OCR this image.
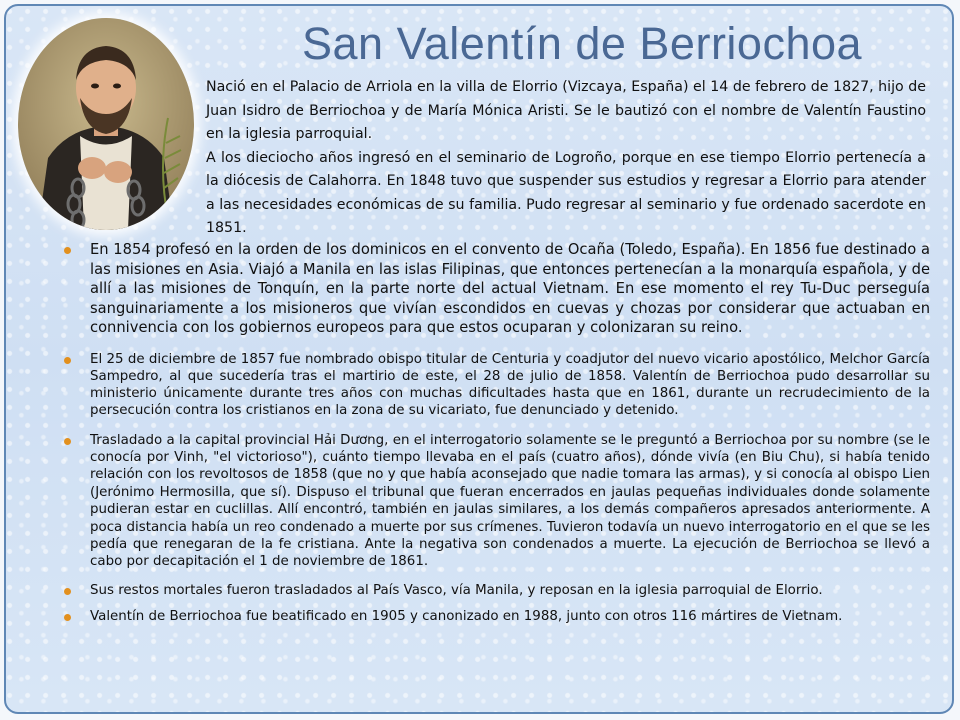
San Valentín de Berriochoa

Nació en el Palacio de Arriola en la villa de Elorrio (Vizcaya, España) el 14 de febrero de 1827, hijo de Juan Isidro de Berriochoa y de María Mónica Aristi. Se le bautizó con el nombre de Valentín Faustino en la iglesia parroquial.

A los dieciocho años ingresó en el seminario de Logroño, porque en ese tiempo Elorrio pertenecía a la diócesis de Calahorra. En 1848 tuvo que suspender sus estudios y regresar a Elorrio para atender a las necesidades económicas de su familia. Pudo regresar al seminario y fue ordenado sacerdote en 1851.

En 1854 profesó en la orden de los dominicos en el convento de Ocaña (Toledo, España). En 1856 fue destinado a las misiones en Asia. Viajó a Manila en las islas Filipinas, que entonces pertenecían a la monarquía española, y de allí a las misiones de Tonquín, en la parte norte del actual Vietnam. En ese momento el rey Tu-Duc perseguía sanguinariamente a los misioneros que vivían escondidos en cuevas y chozas por considerar que actuaban en connivencia con los gobiernos europeos para que estos ocuparan y colonizaran su reino.
El 25 de diciembre de 1857 fue nombrado obispo titular de Centuria y coadjutor del nuevo vicario apostólico, Melchor García Sampedro, al que sucedería tras el martirio de este, el 28 de julio de 1858. Valentín de Berriochoa pudo desarrollar su ministerio únicamente durante tres años con muchas dificultades hasta que en 1861, durante un recrudecimiento de la persecución contra los cristianos en la zona de su vicariato, fue denunciado y detenido.
Trasladado a la capital provincial Hải Dương, en el interrogatorio solamente se le preguntó a Berriochoa por su nombre (se le conocía por Vinh, "el victorioso"), cuánto tiempo llevaba en el país (cuatro años), dónde vivía (en Biu Chu), si había tenido relación con los revoltosos de 1858 (que no y que había aconsejado que nadie tomara las armas), y si conocía al obispo Lien (Jerónimo Hermosilla, que sí). Dispuso el tribunal que fueran encerrados en jaulas pequeñas individuales donde solamente pudieran estar en cuclillas. Allí encontró, también en jaulas similares, a los demás compañeros apresados anteriormente. A poca distancia había un reo condenado a muerte por sus crímenes. Tuvieron todavía un nuevo interrogatorio en el que se les pedía que renegaran de la fe cristiana. Ante la negativa son condenados a muerte. La ejecución de Berriochoa se llevó a cabo por decapitación el 1 de noviembre de 1861.
Sus restos mortales fueron trasladados al País Vasco, vía Manila, y reposan en la iglesia parroquial de Elorrio.
Valentín de Berriochoa fue beatificado en 1905 y canonizado en 1988, junto con otros 116 mártires de Vietnam.
